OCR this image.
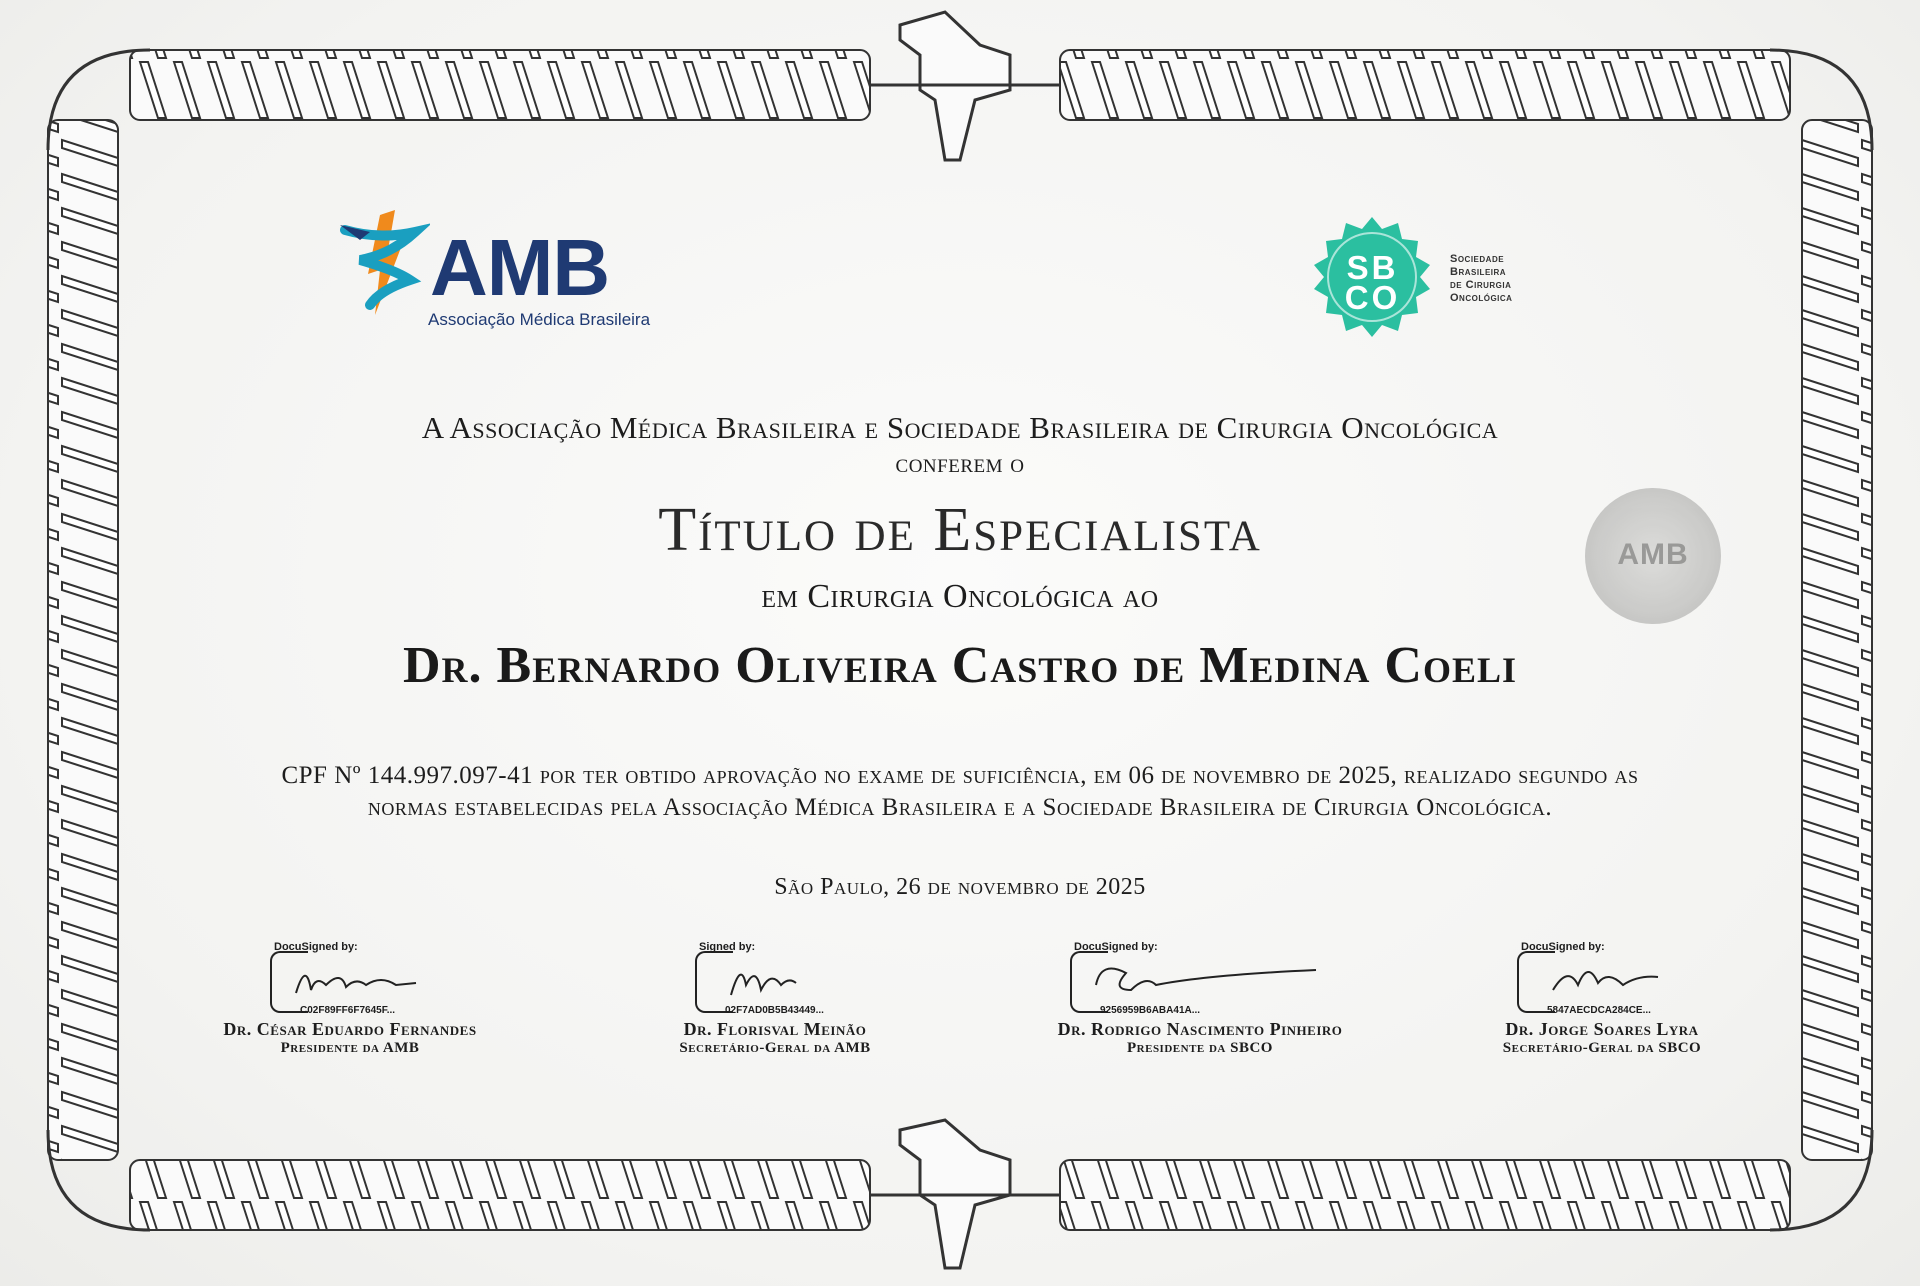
AMB
Associação Médica Brasileira
SB
CO
Sociedade
Brasileira
de Cirurgia
Oncológica
AMB
A Associação Médica Brasileira e Sociedade Brasileira de Cirurgia Oncológica
conferem o
Título de Especialista
em Cirurgia Oncológica ao
Dr. Bernardo Oliveira Castro de Medina Coeli
CPF Nº 144.997.097-41 por ter obtido aprovação no exame de suficiência, em 06 de novembro de 2025, realizado segundo as normas estabelecidas pela Associação Médica Brasileira e a Sociedade Brasileira de Cirurgia Oncológica.
São Paulo, 26 de novembro de 2025
DocuSigned by:
C02F89FF6F7645F...
Dr. César Eduardo Fernandes
Presidente da AMB
Signed by:
02F7AD0B5B43449...
Dr. Florisval Meinão
Secretário-Geral da AMB
DocuSigned by:
9256959B6ABA41A...
Dr. Rodrigo Nascimento Pinheiro
Presidente da SBCO
DocuSigned by:
5847AECDCA284CE...
Dr. Jorge Soares Lyra
Secretário-Geral da SBCO
